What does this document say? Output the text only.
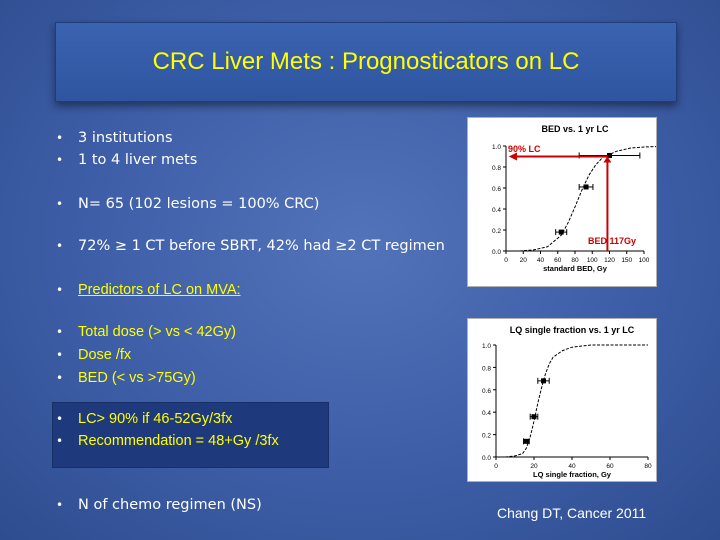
CRC Liver Mets : Prognosticators on LC
•	3 institutions
•	1 to 4 liver mets
•	N= 65 (102 lesions = 100% CRC)
•	72% ≥ 1 CT before SBRT, 42% had ≥2 CT regimen
•	Predictors of LC on MVA:
•	Total dose (> vs < 42Gy)
•	Dose /fx
•	BED (< vs >75Gy)
•	LC> 90% if 46-52Gy/3fx
•	Recommendation = 48+Gy /3fx
•	N of chemo regimen (NS)
BED vs. 1 yr LC
0.0
0.2
0.4
0.6
0.8
1.0
0 20 40 60 80 100 120 150 100
standard BED, Gy
90% LC
BED 117Gy
LQ single fraction vs. 1 yr LC
0.0
0.2
0.4
0.6
0.8
1.0
0	20	40	60	80
LQ single fraction, Gy
Chang DT, Cancer 2011
